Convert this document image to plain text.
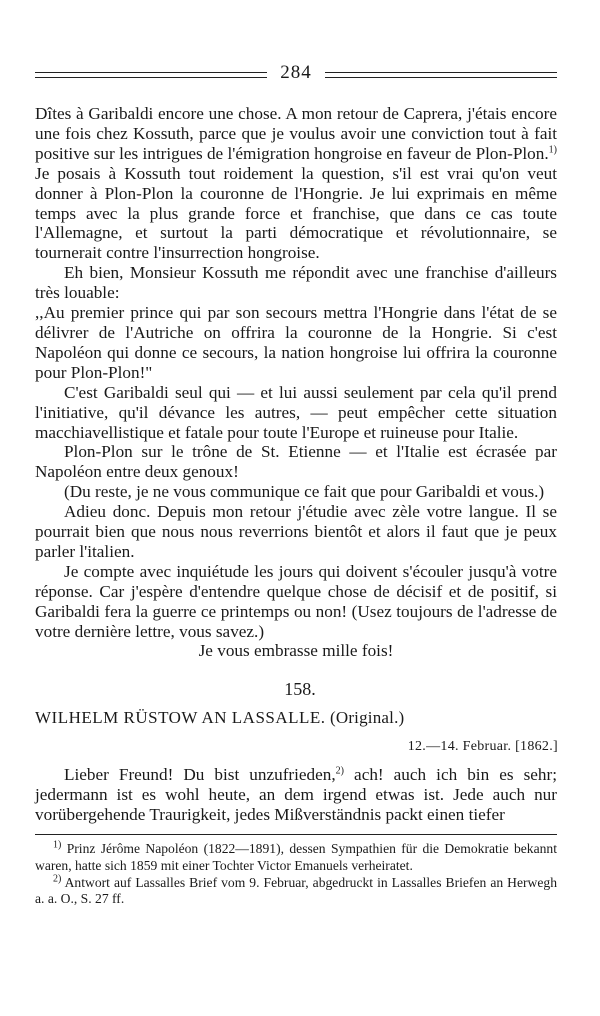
284

Dîtes à Garibaldi encore une chose. A mon retour de Caprera, j'étais encore une fois chez Kossuth, parce que je voulus avoir une conviction tout à fait positive sur les intrigues de l'émigration hongroise en faveur de Plon-Plon.$^{1)}$ Je posais à Kossuth tout roidement la question, s'il est vrai qu'on veut donner à Plon-Plon la couronne de l'Hongrie. Je lui exprimais en même temps avec la plus grande force et franchise, que dans ce cas toute l'Allemagne, et surtout la parti démocratique et révolutionnaire, se tournerait contre l'insurrection hongroise.

Eh bien, Monsieur Kossuth me répondit avec une franchise d'ailleurs très louable:

,,Au premier prince qui par son secours mettra l'Hongrie dans l'état de se délivrer de l'Autriche on offrira la couronne de la Hongrie. Si c'est Napoléon qui donne ce secours, la nation hongroise lui offrira la couronne pour Plon-Plon!"

C'est Garibaldi seul qui — et lui aussi seulement par cela qu'il prend l'initiative, qu'il dévance les autres, — peut empêcher cette situation macchiavellistique et fatale pour toute l'Europe et ruineuse pour Italie.

Plon-Plon sur le trône de St. Etienne — et l'Italie est écrasée par Napoléon entre deux genoux!

(Du reste, je ne vous communique ce fait que pour Garibaldi et vous.)

Adieu donc. Depuis mon retour j'étudie avec zèle votre langue. Il se pourrait bien que nous nous reverrions bientôt et alors il faut que je peux parler l'italien.

Je compte avec inquiétude les jours qui doivent s'écouler jusqu'à votre réponse. Car j'espère d'entendre quelque chose de décisif et de positif, si Garibaldi fera la guerre ce printemps ou non! (Usez toujours de l'adresse de votre dernière lettre, vous savez.)

Je vous embrasse mille fois!

158.
WILHELM RÜSTOW AN LASSALLE. (Original.)
12.—14. Februar. [1862.]

Lieber Freund! Du bist unzufrieden,$^{2)}$ ach! auch ich bin es sehr; jedermann ist es wohl heute, an dem irgend etwas ist. Jede auch nur vorübergehende Traurigkeit, jedes Mißverständnis packt einen tiefer

$^{1)}$ Prinz Jérôme Napoléon (1822—1891), dessen Sympathien für die Demokratie bekannt waren, hatte sich 1859 mit einer Tochter Victor Emanuels verheiratet.

$^{2)}$ Antwort auf Lassalles Brief vom 9. Februar, abgedruckt in Lassalles Briefen an Herwegh a. a. O., S. 27 ff.
